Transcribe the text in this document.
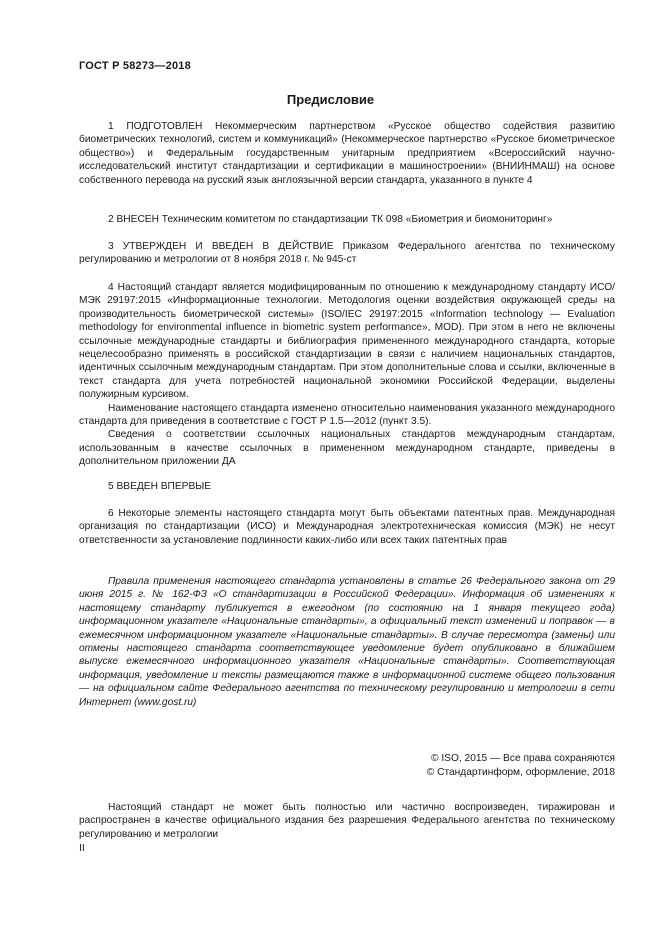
ГОСТ Р 58273—2018
Предисловие

1 ПОДГОТОВЛЕН Некоммерческим партнерством «Русское общество содействия развитию биометрических технологий, систем и коммуникаций» (Некоммерческое партнерство «Русское биометрическое общество») и Федеральным государственным унитарным предприятием «Всероссийский научно-исследовательский институт стандартизации и сертификации в машиностроении» (ВНИИНМАШ) на основе собственного перевода на русский язык англоязычной версии стандарта, указанного в пункте 4

2 ВНЕСЕН Техническим комитетом по стандартизации ТК 098 «Биометрия и биомониторинг»

3 УТВЕРЖДЕН И ВВЕДЕН В ДЕЙСТВИЕ Приказом Федерального агентства по техническому регулированию и метрологии от 8 ноября 2018 г. № 945-ст

4 Настоящий стандарт является модифицированным по отношению к международному стандарту ИСО/МЭК 29197:2015 «Информационные технологии. Методология оценки воздействия окружающей среды на производительность биометрической системы» (ISO/IEC 29197:2015 «Information technology — Evaluation methodology for environmental influence in biometric system performance», MOD). При этом в него не включены ссылочные международные стандарты и библиография примененного международного стандарта, которые нецелесообразно применять в российской стандартизации в связи с наличием национальных стандартов, идентичных ссылочным международным стандартам. При этом дополнительные слова и ссылки, включенные в текст стандарта для учета потребностей национальной экономики Российской Федерации, выделены полужирным курсивом.

Наименование настоящего стандарта изменено относительно наименования указанного международного стандарта для приведения в соответствие с ГОСТ Р 1.5—2012 (пункт 3.5).

Сведения о соответствии ссылочных национальных стандартов международным стандартам, использованным в качестве ссылочных в примененном международном стандарте, приведены в дополнительном приложении ДА

5 ВВЕДЕН ВПЕРВЫЕ

6 Некоторые элементы настоящего стандарта могут быть объектами патентных прав. Международная организация по стандартизации (ИСО) и Международная электротехническая комиссия (МЭК) не несут ответственности за установление подлинности каких-либо или всех таких патентных прав

Правила применения настоящего стандарта установлены в статье 26 Федерального закона от 29 июня 2015 г. № 162-ФЗ «О стандартизации в Российской Федерации». Информация об изменениях к настоящему стандарту публикуется в ежегодном (по состоянию на 1 января текущего года) информационном указателе «Национальные стандарты», а официальный текст изменений и поправок — в ежемесячном информационном указателе «Национальные стандарты». В случае пересмотра (замены) или отмены настоящего стандарта соответствующее уведомление будет опубликовано в ближайшем выпуске ежемесячного информационного указателя «Национальные стандарты». Соответствующая информация, уведомление и тексты размещаются также в информационной системе общего пользования — на официальном сайте Федерального агентства по техническому регулированию и метрологии в сети Интернет (www.gost.ru)

© ISO, 2015 — Все права сохраняются
© Стандартинформ, оформление, 2018

Настоящий стандарт не может быть полностью или частично воспроизведен, тиражирован и распространен в качестве официального издания без разрешения Федерального агентства по техническому регулированию и метрологии

II
